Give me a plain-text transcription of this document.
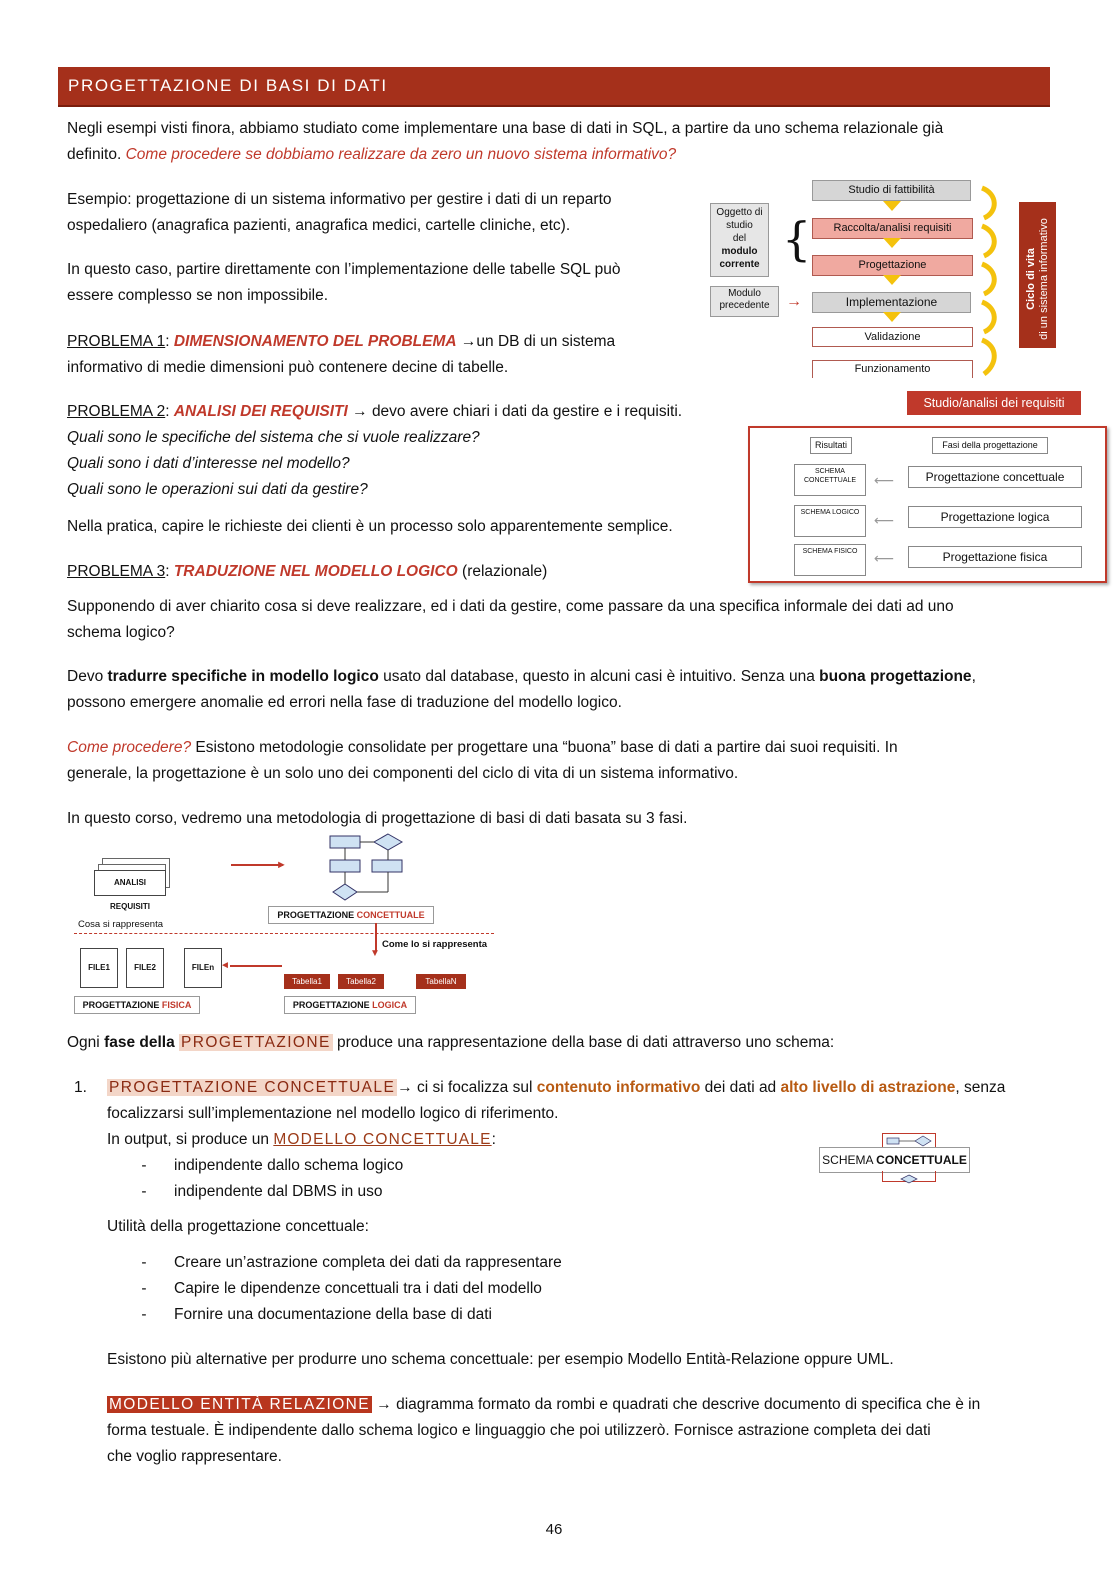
PROGETTAZIONE DI BASI DI DATI
Negli esempi visti finora, abbiamo studiato come implementare una base di dati in SQL, a partire da uno schema relazionale già
definito. Come procedere se dobbiamo realizzare da zero un nuovo sistema informativo?
Esempio: progettazione di un sistema informativo per gestire i dati di un reparto
ospedaliero (anagrafica pazienti, anagrafica medici, cartelle cliniche, etc).
In questo caso, partire direttamente con l’implementazione delle tabelle SQL può
essere complesso se non impossibile.
PROBLEMA 1: DIMENSIONAMENTO DEL PROBLEMA →un DB di un sistema
informativo di medie dimensioni può contenere decine di tabelle.
PROBLEMA 2: ANALISI DEI REQUISITI → devo avere chiari i dati da gestire e i requisiti.
Quali sono le specifiche del sistema che si vuole realizzare?
Quali sono i dati d’interesse nel modello?
Quali sono le operazioni sui dati da gestire?
Nella pratica, capire le richieste dei clienti è un processo solo apparentemente semplice.
PROBLEMA 3: TRADUZIONE NEL MODELLO LOGICO (relazionale)
Supponendo di aver chiarito cosa si deve realizzare, ed i dati da gestire, come passare da una specifica informale dei dati ad uno
schema logico?
Devo tradurre specifiche in modello logico usato dal database, questo in alcuni casi è intuitivo. Senza una buona progettazione,
possono emergere anomalie ed errori nella fase di traduzione del modello logico.
Come procedere? Esistono metodologie consolidate per progettare una “buona” base di dati a partire dai suoi requisiti. In
generale, la progettazione è un solo uno dei componenti del ciclo di vita di un sistema informativo.
In questo corso, vedremo una metodologia di progettazione di basi di dati basata su 3 fasi.
Studio di fattibilità
Raccolta/analisi requisiti
Progettazione
Implementazione
Validazione
Funzionamento
Oggetto di
studio
del
modulo
corrente {
Modulo
precedente	→	Ciclo di vita di un sistema informativo
Studio/analisi dei requisiti
Risultati	Fasi della progettazione
SCHEMA CONCETTUALE	⟵	Progettazione concettuale
SCHEMA LOGICO	⟵	Progettazione logica
SCHEMA FISICO	⟵	Progettazione fisica
ANALISI REQUISITI
►
PROGETTAZIONE CONCETTUALE
Cosa si rappresenta
▼
Come lo si rappresenta
FILE1	FILE2	FILEn ◄
Tabella1	Tabella2	TabellaN
PROGETTAZIONE FISICA	PROGETTAZIONE LOGICA
Ogni fase della PROGETTAZIONE produce una rappresentazione della base di dati attraverso uno schema:
1. PROGETTAZIONE CONCETTUALE → ci si focalizza sul contenuto informativo dei dati ad alto livello di astrazione, senza
focalizzarsi sull’implementazione nel modello logico di riferimento.
In output, si produce un MODELLO CONCETTUALE:
- indipendente dallo schema logico
- indipendente dal DBMS in uso
SCHEMA CONCETTUALE
Utilità della progettazione concettuale:
- Creare un’astrazione completa dei dati da rappresentare
- Capire le dipendenze concettuali tra i dati del modello
- Fornire una documentazione della base di dati
Esistono più alternative per produrre uno schema concettuale: per esempio Modello Entità-Relazione oppure UML.
MODELLO ENTITÀ RELAZIONE → diagramma formato da rombi e quadrati che descrive documento di specifica che è in
forma testuale. È indipendente dallo schema logico e linguaggio che poi utilizzerò. Fornisce astrazione completa dei dati
che voglio rappresentare.
46
